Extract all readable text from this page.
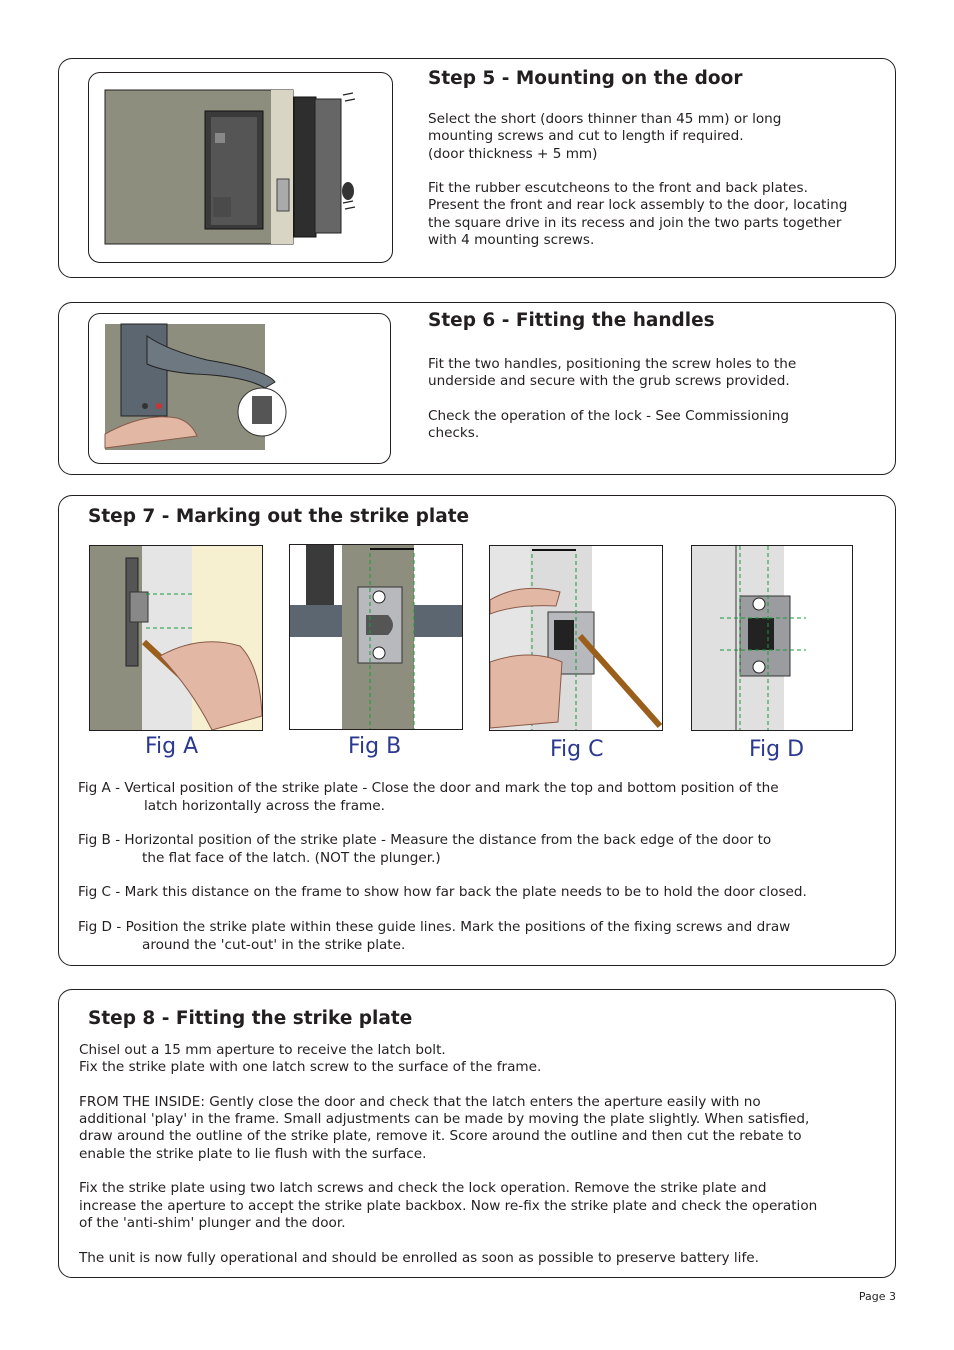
Step 5 - Mounting on the door

Select the short (doors thinner than 45 mm) or long
mounting screws and cut to length if required.
(door thickness + 5 mm)

Fit the rubber escutcheons to the front and back plates.
Present the front and rear lock assembly to the door, locating
the square drive in its recess and join the two parts together
with 4 mounting screws.

Step 6 - Fitting the handles

Fit the two handles, positioning the screw holes to the
underside and secure with the grub screws provided.

Check the operation of the lock - See Commissioning
checks.

Step 7 - Marking out the strike plate
Fig A	Fig B	Fig C	Fig D
Fig A - Vertical position of the strike plate - Close the door and mark the top and bottom position of the
latch horizontally across the frame.
Fig B - Horizontal position of the strike plate - Measure the distance from the back edge of the door to
the flat face of the latch. (NOT the plunger.)
Fig C - Mark this distance on the frame to show how far back the plate needs to be to hold the door closed.
Fig D - Position the strike plate within these guide lines. Mark the positions of the fixing screws and draw
around the 'cut-out' in the strike plate.
Step 8 - Fitting the strike plate

Chisel out a 15 mm aperture to receive the latch bolt.
Fix the strike plate with one latch screw to the surface of the frame.

FROM THE INSIDE: Gently close the door and check that the latch enters the aperture easily with no
additional 'play' in the frame. Small adjustments can be made by moving the plate slightly. When satisfied,
draw around the outline of the strike plate, remove it. Score around the outline and then cut the rebate to
enable the strike plate to lie flush with the surface.

Fix the strike plate using two latch screws and check the lock operation. Remove the strike plate and
increase the aperture to accept the strike plate backbox. Now re-fix the strike plate and check the operation
of the 'anti-shim' plunger and the door.

The unit is now fully operational and should be enrolled as soon as possible to preserve battery life.

Page 3
